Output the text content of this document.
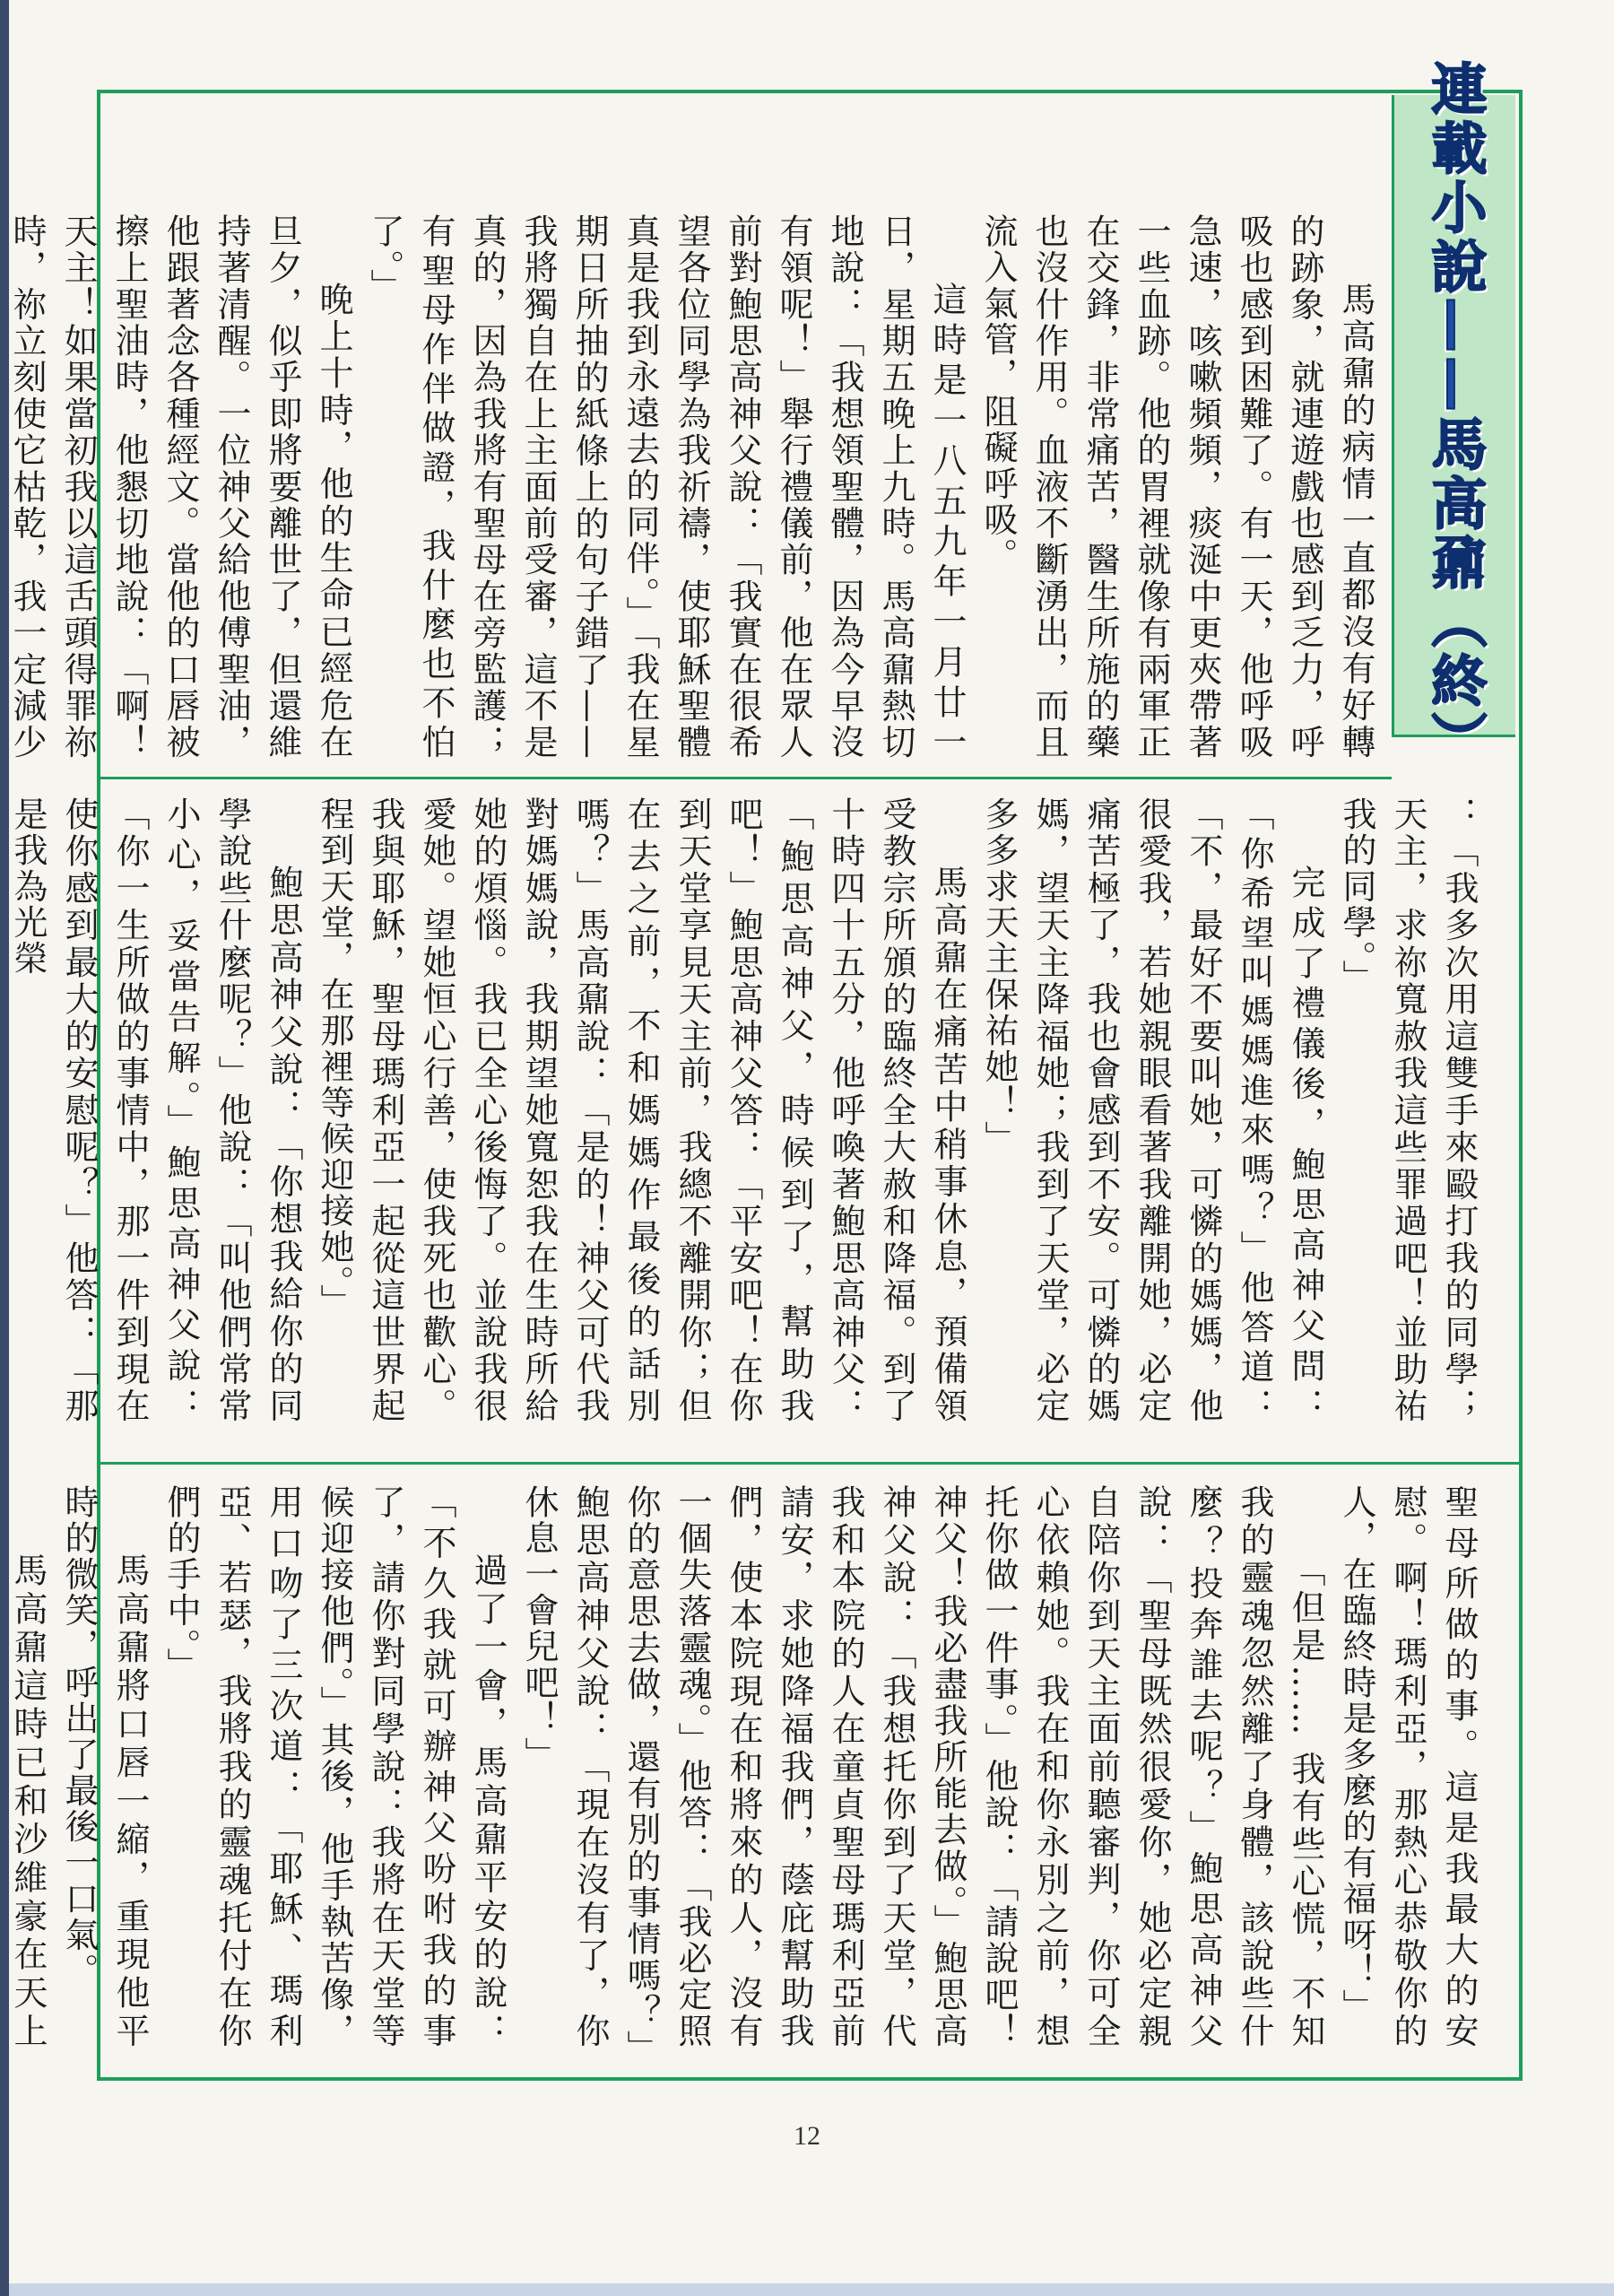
連載小說——馬高鼐（終）

馬高鼐的病情一直都沒有好轉的跡象，就連遊戲也感到乏力，呼吸也感到困難了。有一天，他呼吸急速，咳嗽頻頻，痰涎中更夾帶著一些血跡。他的胃裡就像有兩軍正在交鋒，非常痛苦，醫生所施的藥也沒什作用。血液不斷湧出，而且流入氣管，阻礙呼吸。

這時是一八五九年一月廿一日，星期五晚上九時。馬高鼐熱切地說：「我想領聖體，因為今早沒有領呢！」舉行禮儀前，他在眾人前對鮑思高神父說：「我實在很希望各位同學為我祈禱，使耶穌聖體真是我到永遠去的同伴。」「我在星期日所抽的紙條上的句子錯了——我將獨自在上主面前受審，這不是真的，因為我將有聖母在旁監護；有聖母作伴做證，我什麼也不怕了。」

晚上十時，他的生命已經危在旦夕，似乎即將要離世了，但還維持著清醒。一位神父給他傅聖油，他跟著念各種經文。當他的口唇被擦上聖油時，他懇切地說：「啊！天主！如果當初我以這舌頭得罪祢時，祢立刻使它枯乾，我一定減少

：「我多次用這雙手來毆打我的同學；天主，求祢寬赦我這些罪過吧！並助祐我的同學。」

完成了禮儀後，鮑思高神父問：「你希望叫媽媽進來嗎？」他答道：「不，最好不要叫她，可憐的媽媽，他很愛我，若她親眼看著我離開她，必定痛苦極了，我也會感到不安。可憐的媽媽，望天主降福她；我到了天堂，必定多多求天主保祐她！」

馬高鼐在痛苦中稍事休息，預備領受教宗所頒的臨終全大赦和降福。到了十時四十五分，他呼喚著鮑思高神父：「鮑思高神父，時候到了，幫助我吧！」鮑思高神父答：「平安吧！在你到天堂享見天主前，我總不離開你；但在去之前，不和媽媽作最後的話別嗎？」馬高鼐說：「是的！神父可代我對媽媽說，我期望她寬恕我在生時所給她的煩惱。我已全心後悔了。並說我很愛她。望她恒心行善，使我死也歡心。我與耶穌，聖母瑪利亞一起從這世界起程到天堂，在那裡等候迎接她。」

鮑思高神父說：「你想我給你的同學說些什麼呢？」他說：「叫他們常常小心，妥當告解。」鮑思高神父說：「你一生所做的事情中，那一件到現在使你感到最大的安慰呢？」他答：「那是我為光榮

聖母所做的事。這是我最大的安慰。啊！瑪利亞，那熱心恭敬你的人，在臨終時是多麼的有福呀！」

「但是…… 我有些心慌，不知我的靈魂忽然離了身體，該說些什麼？投奔誰去呢？」鮑思高神父說：「聖母既然很愛你，她必定親自陪你到天主面前聽審判，你可全心依賴她。我在和你永別之前，想托你做一件事。」他說：「請說吧！神父！我必盡我所能去做。」鮑思高神父說：「我想托你到了天堂，代我和本院的人在童貞聖母瑪利亞前請安，求她降福我們，蔭庇幫助我們，使本院現在和將來的人，沒有一個失落靈魂。」他答：「我必定照你的意思去做，還有別的事情嗎？」鮑思高神父說：「現在沒有了，你休息一會兒吧！」

過了一會，馬高鼐平安的說：「不久我就可辦神父吩咐我的事了，請你對同學說：我將在天堂等候迎接他們。」其後，他手執苦像，用口吻了三次道：「耶穌、瑪利亞、若瑟，我將我的靈魂托付在你們的手中。」

馬高鼐將口唇一縮，重現他平時的微笑，呼出了最後一口氣。

馬高鼐這時已和沙維豪在天上

12
